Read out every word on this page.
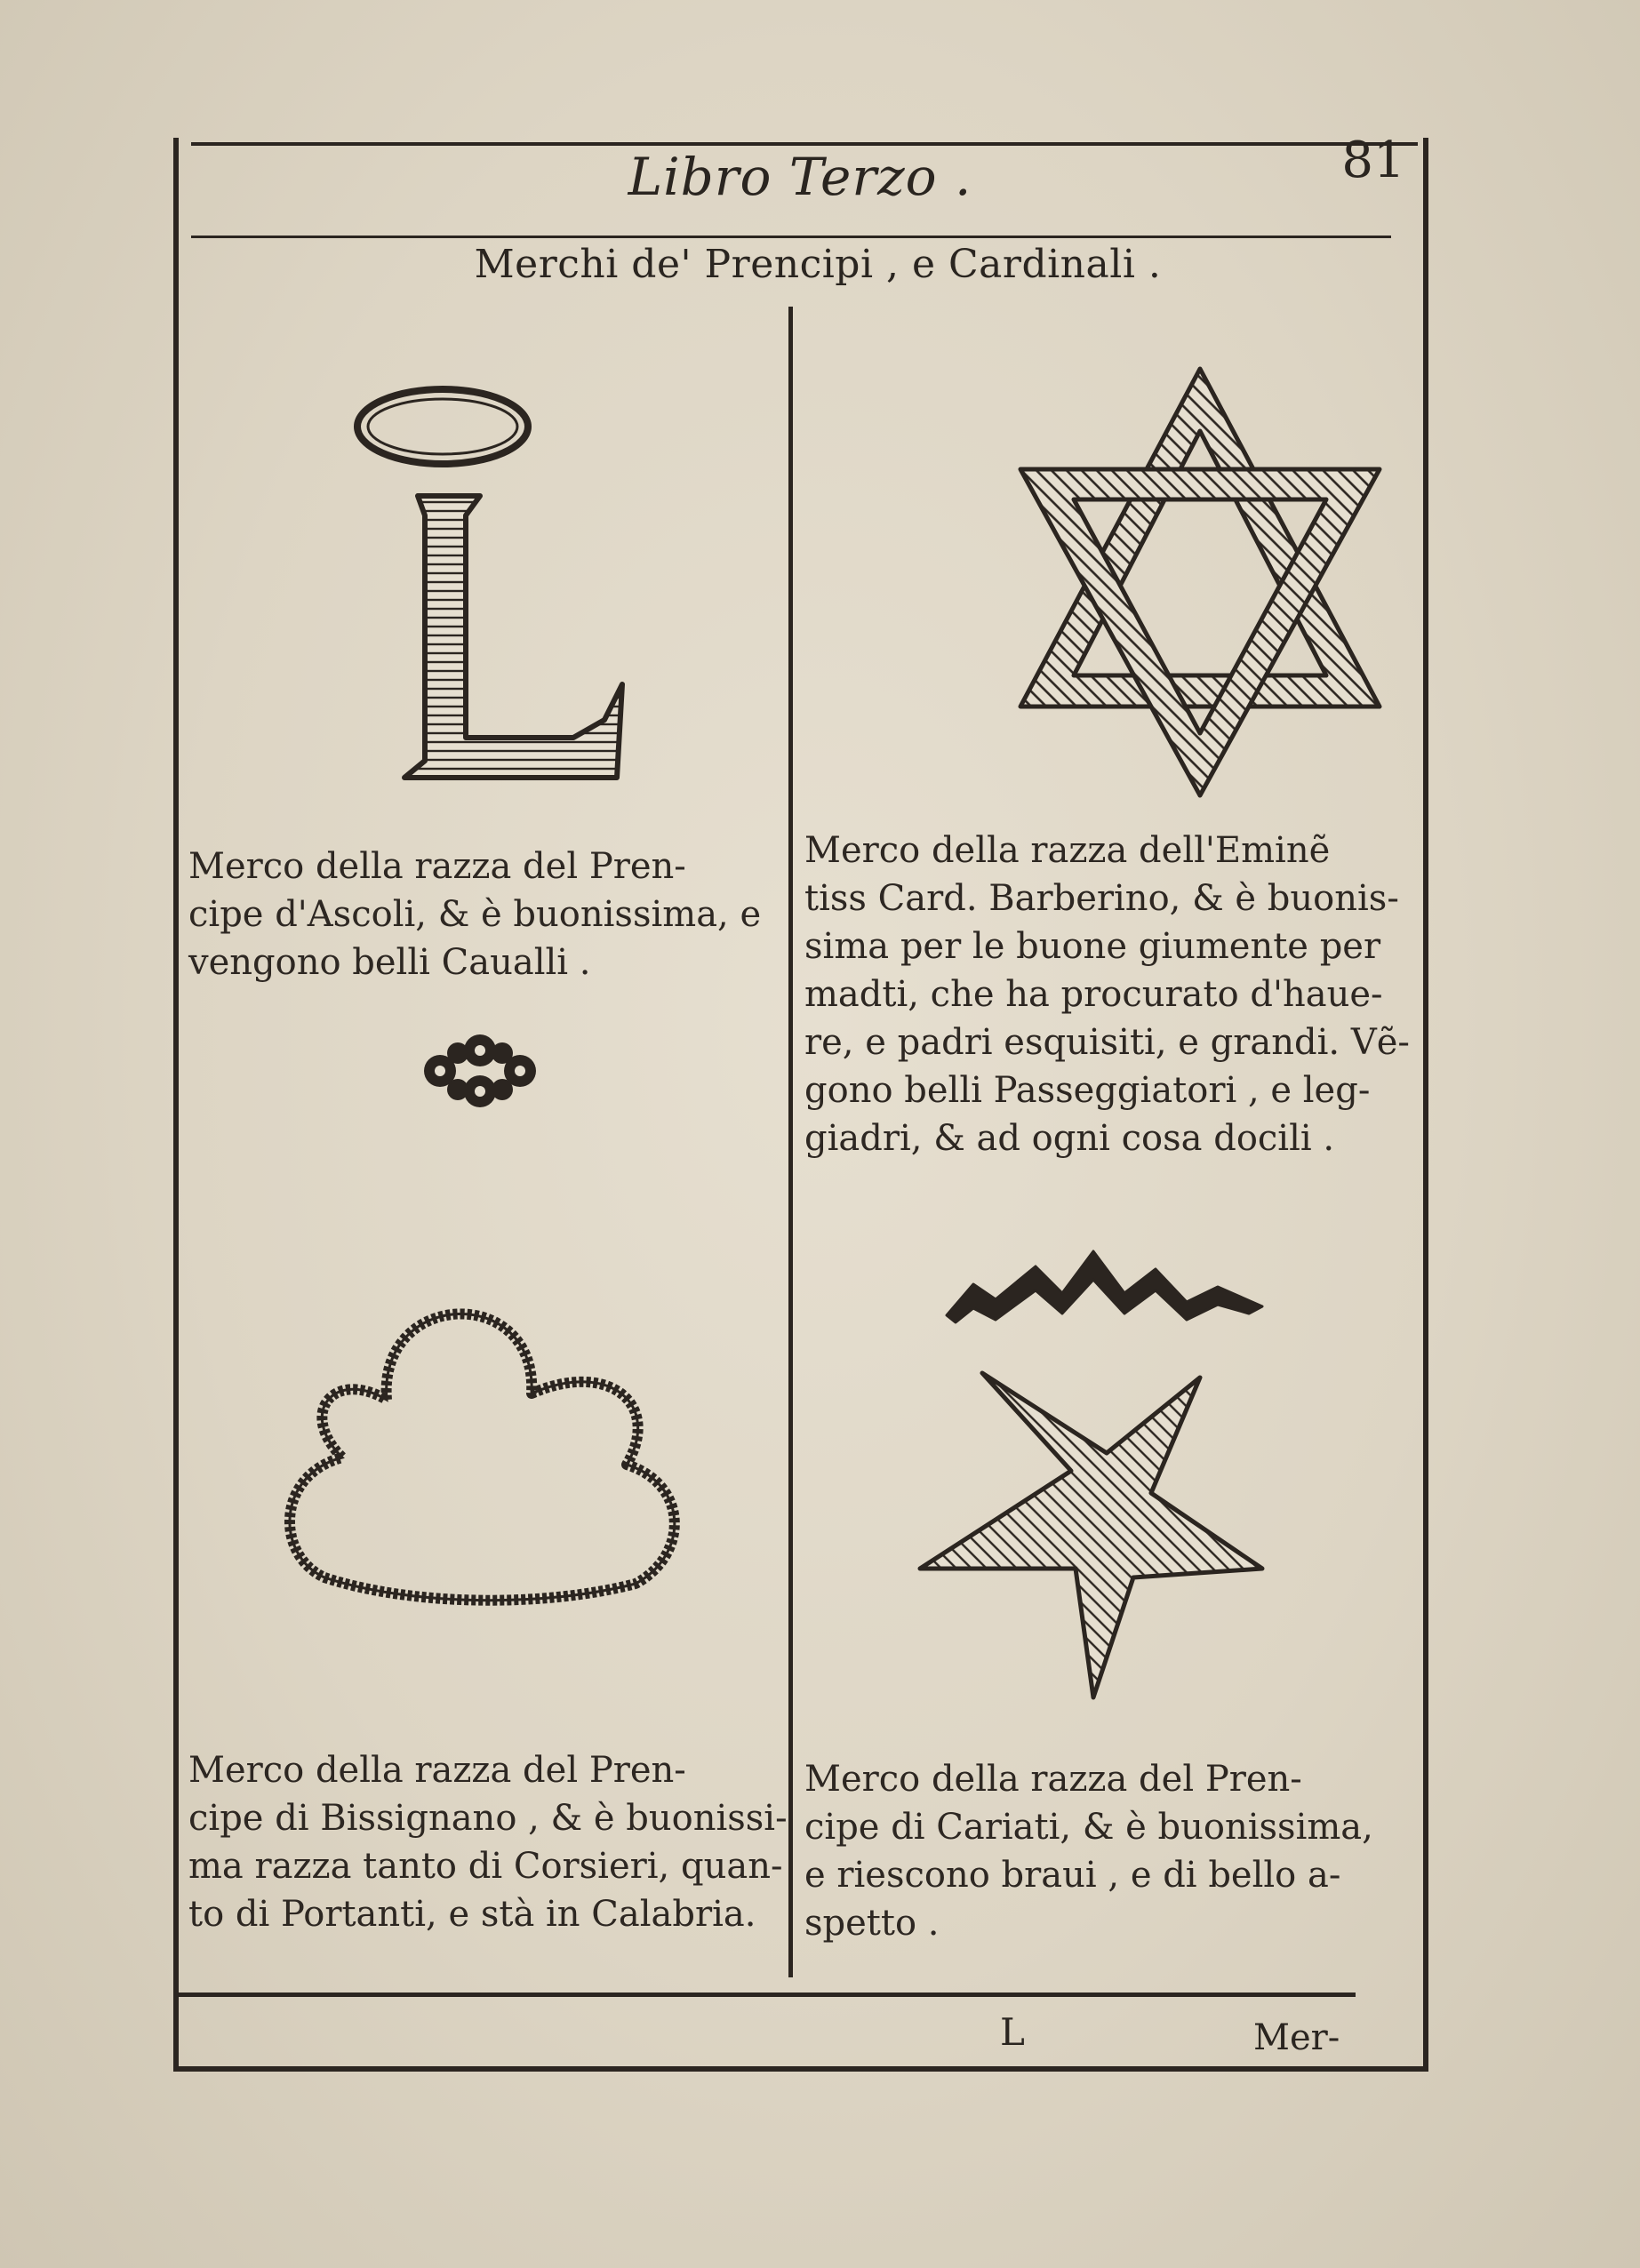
Libro Terzo .	81
Merchi de' Prencipi , e Cardinali .
Merco della razza del Pren-
cipe d'Ascoli, & è buonissima, e
vengono belli Caualli .
Merco della razza dell'Eminẽ
tiss Card. Barberino, & è buonis-
sima per le buone giumente per
madti, che ha procurato d'haue-
re, e padri esquisiti, e grandi. Vẽ-
gono belli Passeggiatori , e leg-
giadri, & ad ogni cosa docili .
Merco della razza del Pren-
cipe di Bissignano , & è buonissi-
ma razza tanto di Corsieri, quan-
to di Portanti, e stà in Calabria.
Merco della razza del Pren-
cipe di Cariati, & è buonissima,
e riescono braui , e di bello a-
spetto .
L	Mer-
